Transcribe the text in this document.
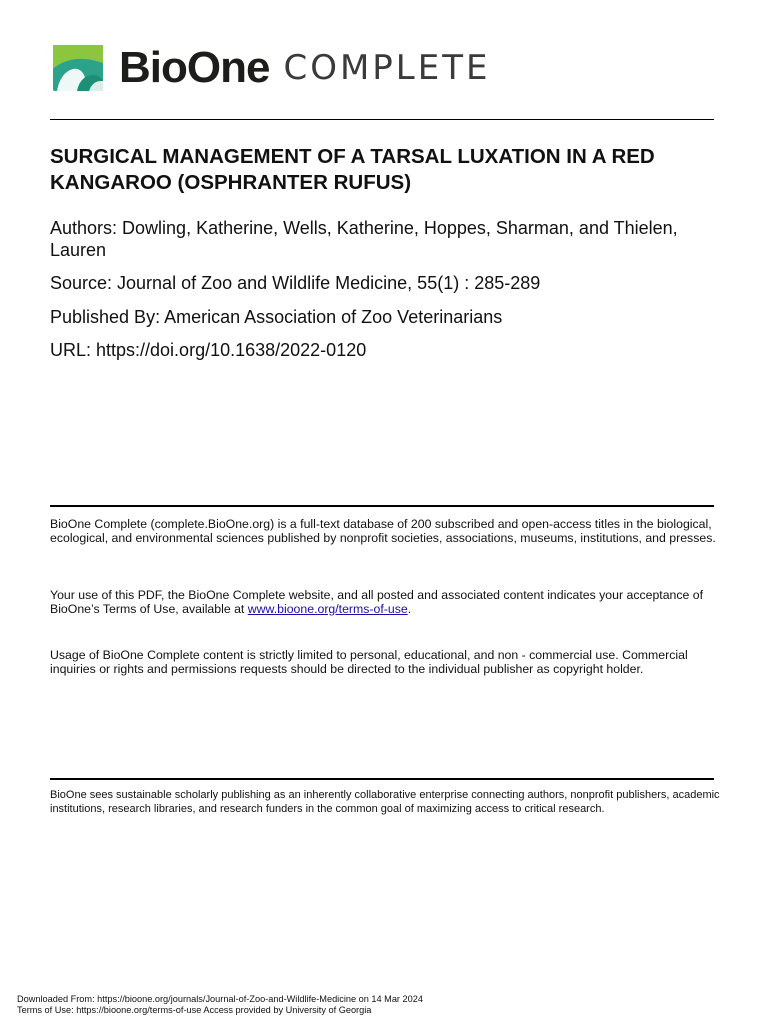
BioOne COMPLETE
SURGICAL MANAGEMENT OF A TARSAL LUXATION IN A RED KANGAROO (OSPHRANTER RUFUS)

Authors: Dowling, Katherine, Wells, Katherine, Hoppes, Sharman, and Thielen, Lauren

Source: Journal of Zoo and Wildlife Medicine, 55(1) : 285-289

Published By: American Association of Zoo Veterinarians

URL: https://doi.org/10.1638/2022-0120

BioOne Complete (complete.BioOne.org) is a full-text database of 200 subscribed and open-access titles in the biological, ecological, and environmental sciences published by nonprofit societies, associations, museums, institutions, and presses.

Your use of this PDF, the BioOne Complete website, and all posted and associated content indicates your acceptance of BioOne’s Terms of Use, available at www.bioone.org/terms-of-use.

Usage of BioOne Complete content is strictly limited to personal, educational, and non - commercial use. Commercial inquiries or rights and permissions requests should be directed to the individual publisher as copyright holder.

BioOne sees sustainable scholarly publishing as an inherently collaborative enterprise connecting authors, nonprofit publishers, academic institutions, research libraries, and research funders in the common goal of maximizing access to critical research.

Downloaded From: https://bioone.org/journals/Journal-of-Zoo-and-Wildlife-Medicine on 14 Mar 2024
Terms of Use: https://bioone.org/terms-of-use Access provided by University of Georgia
